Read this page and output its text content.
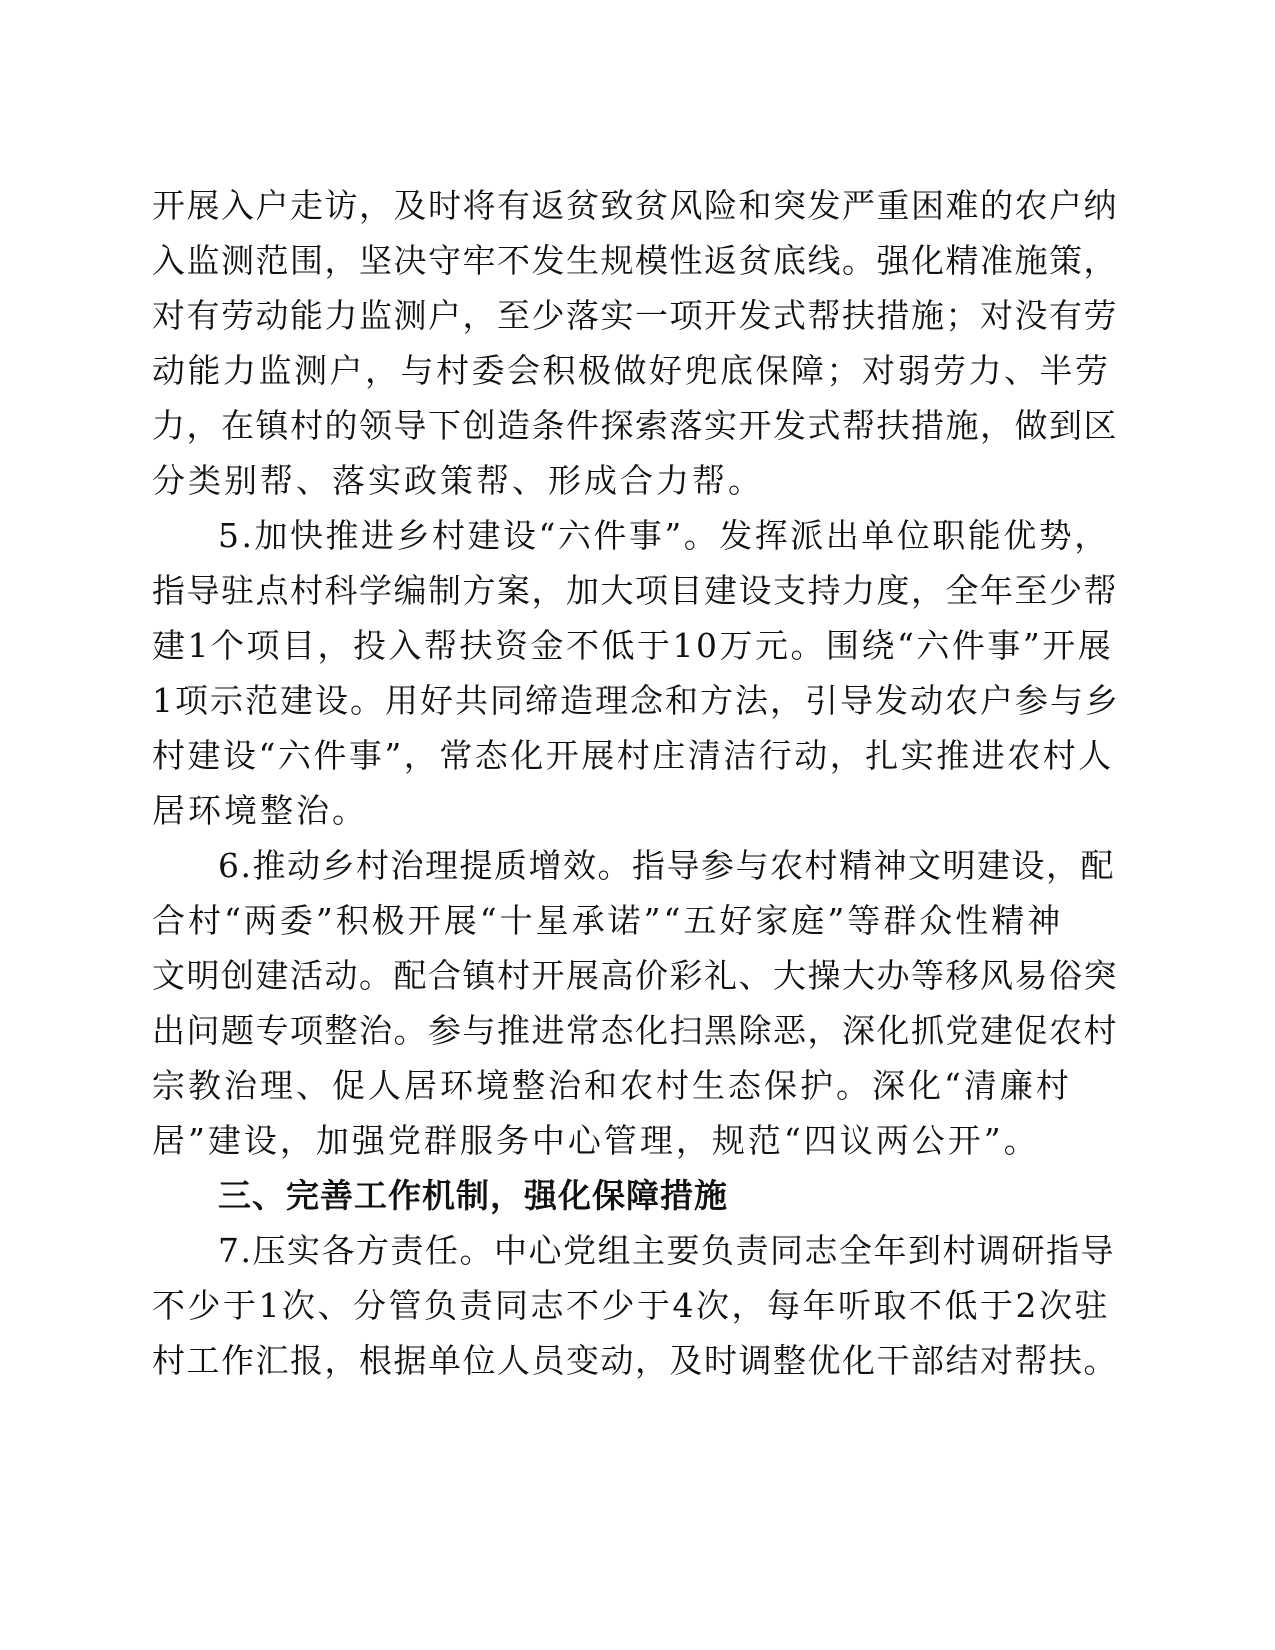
开展入户走访，及时将有返贫致贫风险和突发严重困难的农户纳
入监测范围，坚决守牢不发生规模性返贫底线。强化精准施策，
对有劳动能力监测户，至少落实一项开发式帮扶措施；对没有劳
动能力监测户，与村委会积极做好兜底保障；对弱劳力、半劳
力，在镇村的领导下创造条件探索落实开发式帮扶措施，做到区
分类别帮、落实政策帮、形成合力帮。
5.加快推进乡村建设“六件事”。发挥派出单位职能优势，
指导驻点村科学编制方案，加大项目建设支持力度，全年至少帮
建1个项目，投入帮扶资金不低于10万元。围绕“六件事”开展
1项示范建设。用好共同缔造理念和方法，引导发动农户参与乡
村建设“六件事”，常态化开展村庄清洁行动，扎实推进农村人
居环境整治。
6.推动乡村治理提质增效。指导参与农村精神文明建设，配
合村“两委”积极开展“十星承诺”“五好家庭”等群众性精神
文明创建活动。配合镇村开展高价彩礼、大操大办等移风易俗突
出问题专项整治。参与推进常态化扫黑除恶，深化抓党建促农村
宗教治理、促人居环境整治和农村生态保护。深化“清廉村
居”建设，加强党群服务中心管理，规范“四议两公开”。
三、完善工作机制，强化保障措施
7.压实各方责任。中心党组主要负责同志全年到村调研指导
不少于1次、分管负责同志不少于4次，每年听取不低于2次驻
村工作汇报，根据单位人员变动，及时调整优化干部结对帮扶。
